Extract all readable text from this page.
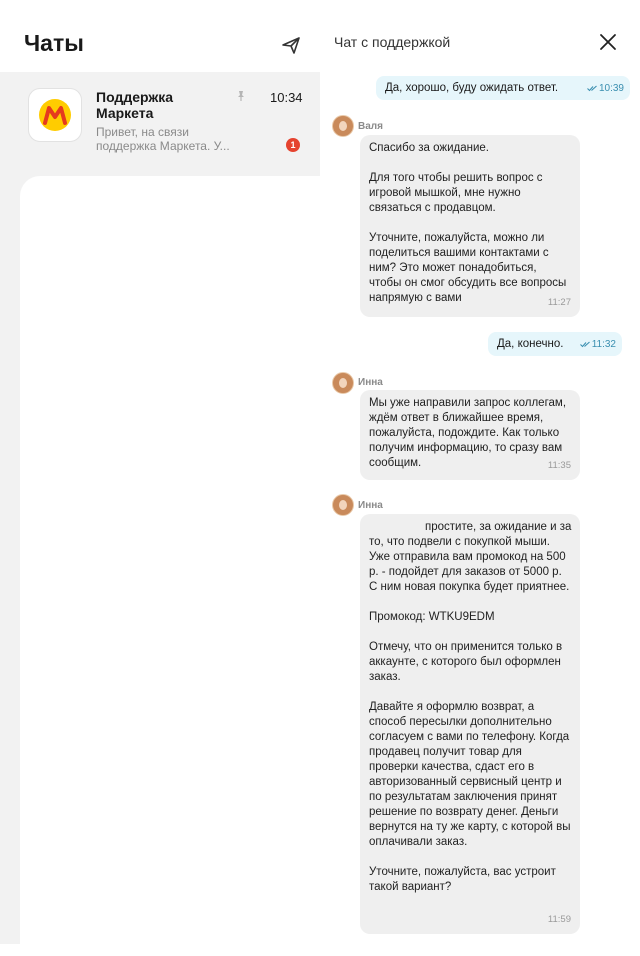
Чаты
Поддержка Маркета
10:34
Привет, на связи поддержка Маркета. У...	1
Чат с поддержкой
Да, хорошо, буду ожидать ответ.	10:39
Валя

Спасибо за ожидание.

Для того чтобы решить вопрос с игровой мышкой, мне нужно связаться с продавцом.

Уточните, пожалуйста, можно ли поделиться вашими контактами с ним? Это может понадобиться, чтобы он смог обсудить все вопросы напрямую с вами	11:27
Да, конечно.	11:32
Инна

Мы уже направили запрос коллегам, ждём ответ в ближайшее время, пожалуйста, подождите. Как только получим информацию, то сразу вам сообщим.	11:35
Инна

простите, за ожидание и за то, что подвели с покупкой мыши. Уже отправила вам промокод на 500 р. - подойдет для заказов от 5000 р. С ним новая покупка будет приятнее.

Промокод: WTKU9EDM

Отмечу, что он применится только в аккаунте, с которого был оформлен заказ.

Давайте я оформлю возврат, а способ пересылки дополнительно согласуем с вами по телефону. Когда продавец получит товар для проверки качества, сдаст его в авторизованный сервисный центр и по результатам заключения принят решение по возврату денег. Деньги вернутся на ту же карту, с которой вы оплачивали заказ.

Уточните, пожалуйста, вас устроит такой вариант?

11:59
